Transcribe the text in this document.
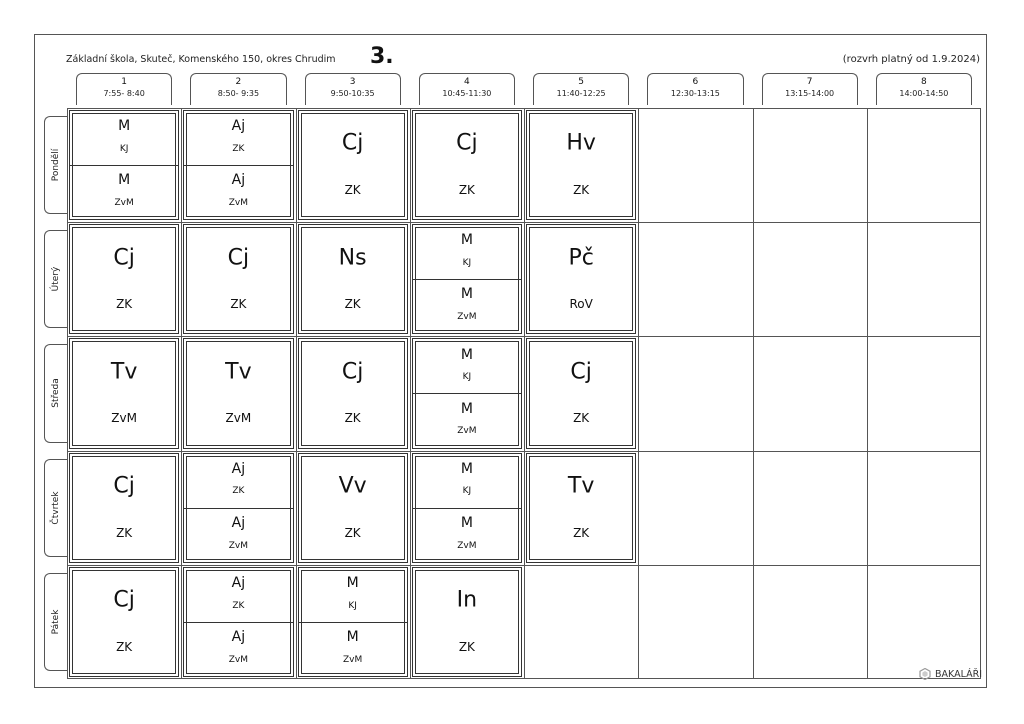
Základní škola, Skuteč, Komenského 150, okres Chrudim 3.	(rozvrh platný od 1.9.2024)
1
7:55- 8:40
2
8:50- 9:35
3
9:50-10:35
4
10:45-11:30
5
11:40-12:25
6
12:30-13:15
7
13:15-14:00
8
14:00-14:50
Pondělí
Úterý
Středa
Čtvrtek
Pátek
M
KJ
M
ZvM
Aj
ZK
Aj
ZvM
Cj
ZK
Cj
ZK
Hv
ZK
Cj
ZK
Cj
ZK
Ns
ZK
M
KJ
M
ZvM
Pč
RoV
Tv
ZvM
Tv
ZvM
Cj
ZK
M
KJ
M
ZvM
Cj
ZK
Cj
ZK
Aj
ZK
Aj
ZvM
Vv
ZK
M
KJ
M
ZvM
Tv
ZK
Cj
ZK
Aj
ZK
Aj
ZvM
M
KJ
M
ZvM
In
ZK
BAKALÁŘI
